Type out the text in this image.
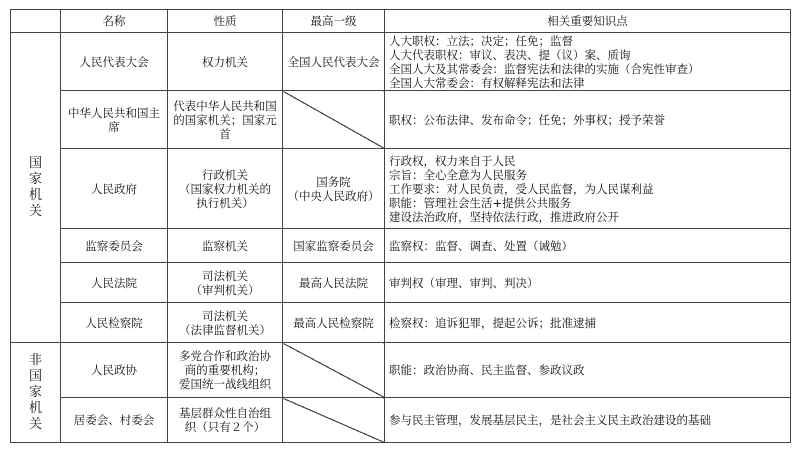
	名称	性质	最高一级	相关重要知识点

国
家
机
关	人民代表大会	权力机关	全国人民代表大会	人大职权：立法；决定；任免；监督
人大代表职权：审议、表决、提（议）案、质询
全国人大及其常委会：监督宪法和法律的实施（合宪性审查）
全国人大常委会：有权解释宪法和法律

	中华人民共和国主席	代表中华人民共和国的国家机关；国家元首		职权：公布法律、发布命令；任免；外事权；授予荣誉

	人民政府	行政机关
（国家权力机关的
执行机关）	国务院
（中央人民政府）	行政权，权力来自于人民
宗旨：全心全意为人民服务
工作要求：对人民负责，受人民监督，为人民谋利益
职能：管理社会生活+提供公共服务
建设法治政府，坚持依法行政，推进政府公开

	监察委员会	监察机关	国家监察委员会	监察权：监督、调查、处置（诫勉）

	人民法院	司法机关
（审判机关）	最高人民法院	审判权（审理、审判、判决）

	人民检察院	司法机关
（法律监督机关）	最高人民检察院	检察权：追诉犯罪，提起公诉；批准逮捕

非
国
家
机
关	人民政协	多党合作和政治协
商的重要机构；
爱国统一战线组织		职能：政治协商、民主监督、参政议政

	居委会、村委会	基层群众性自治组
织（只有２个）		参与民主管理，发展基层民主，是社会主义民主政治建设的基础
